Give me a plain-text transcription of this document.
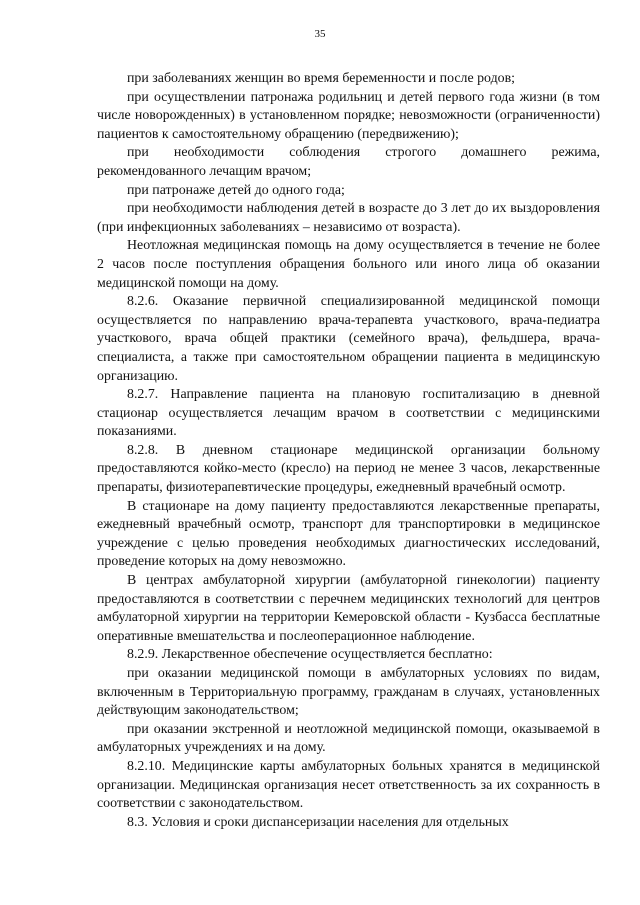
35

при заболеваниях женщин во время беременности и после родов;

при осуществлении патронажа родильниц и детей первого года жизни (в том числе новорожденных) в установленном порядке; невозможности (ограниченности) пациентов к самостоятельному обращению (передвижению);

при необходимости соблюдения строгого домашнего режима, рекомендованного лечащим врачом;

при патронаже детей до одного года;

при необходимости наблюдения детей в возрасте до 3 лет до их выздоровления (при инфекционных заболеваниях – независимо от возраста).

Неотложная медицинская помощь на дому осуществляется в течение не более 2 часов после поступления обращения больного или иного лица об оказании медицинской помощи на дому.

8.2.6. Оказание первичной специализированной медицинской помощи осуществляется по направлению врача-терапевта участкового, врача-педиатра участкового, врача общей практики (семейного врача), фельдшера, врача-специалиста, а также при самостоятельном обращении пациента в медицинскую организацию.

8.2.7. Направление пациента на плановую госпитализацию в дневной стационар осуществляется лечащим врачом в соответствии с медицинскими показаниями.

8.2.8. В дневном стационаре медицинской организации больному предоставляются койко-место (кресло) на период не менее 3 часов, лекарственные препараты, физиотерапевтические процедуры, ежедневный врачебный осмотр.

В стационаре на дому пациенту предоставляются лекарственные препараты, ежедневный врачебный осмотр, транспорт для транспортировки в медицинское учреждение с целью проведения необходимых диагностических исследований, проведение которых на дому невозможно.

В центрах амбулаторной хирургии (амбулаторной гинекологии) пациенту предоставляются в соответствии с перечнем медицинских технологий для центров амбулаторной хирургии на территории Кемеровской области - Кузбасса бесплатные оперативные вмешательства и послеоперационное наблюдение.

8.2.9. Лекарственное обеспечение осуществляется бесплатно:

при оказании медицинской помощи в амбулаторных условиях по видам, включенным в Территориальную программу, гражданам в случаях, установленных действующим законодательством;

при оказании экстренной и неотложной медицинской помощи, оказываемой в амбулаторных учреждениях и на дому.

8.2.10. Медицинские карты амбулаторных больных хранятся в медицинской организации. Медицинская организация несет ответственность за их сохранность в соответствии с законодательством.

8.3. Условия и сроки диспансеризации населения для отдельных
